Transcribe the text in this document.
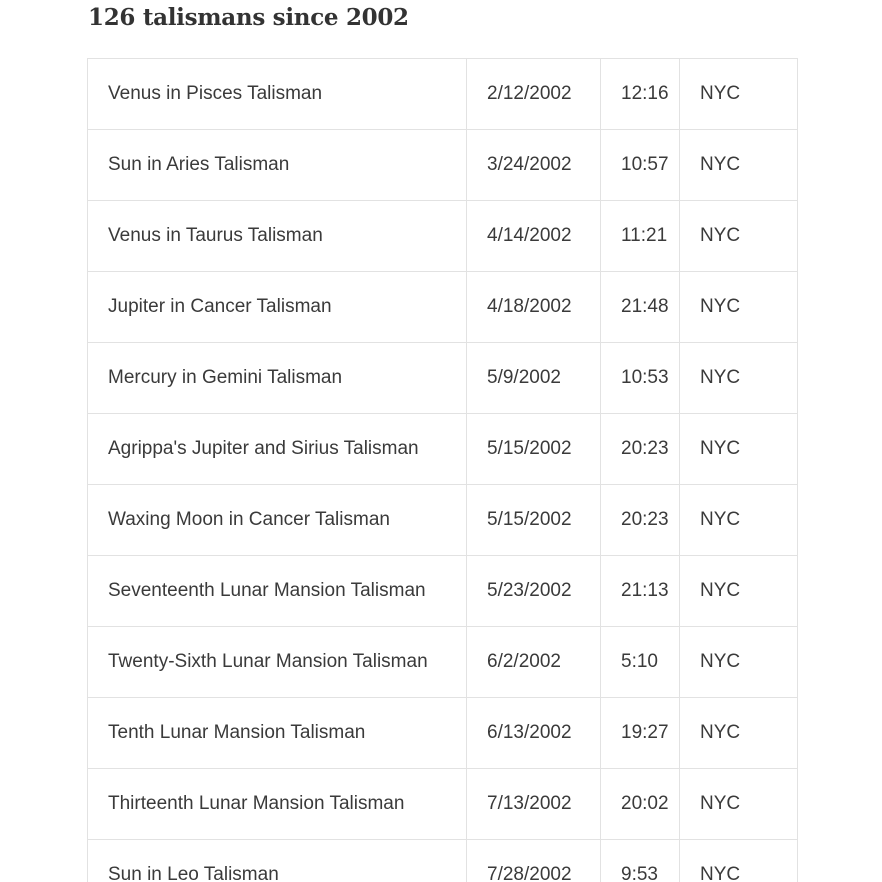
126 talismans since 2002
Venus in Pisces Talisman	2/12/2002	12:16	NYC
Sun in Aries Talisman	3/24/2002	10:57	NYC
Venus in Taurus Talisman	4/14/2002	11:21	NYC
Jupiter in Cancer Talisman	4/18/2002	21:48	NYC
Mercury in Gemini Talisman	5/9/2002	10:53	NYC
Agrippa's Jupiter and Sirius Talisman	5/15/2002	20:23	NYC
Waxing Moon in Cancer Talisman	5/15/2002	20:23	NYC
Seventeenth Lunar Mansion Talisman	5/23/2002	21:13	NYC
Twenty-Sixth Lunar Mansion Talisman	6/2/2002	5:10	NYC
Tenth Lunar Mansion Talisman	6/13/2002	19:27	NYC
Thirteenth Lunar Mansion Talisman	7/13/2002	20:02	NYC
Sun in Leo Talisman	7/28/2002	9:53	NYC
